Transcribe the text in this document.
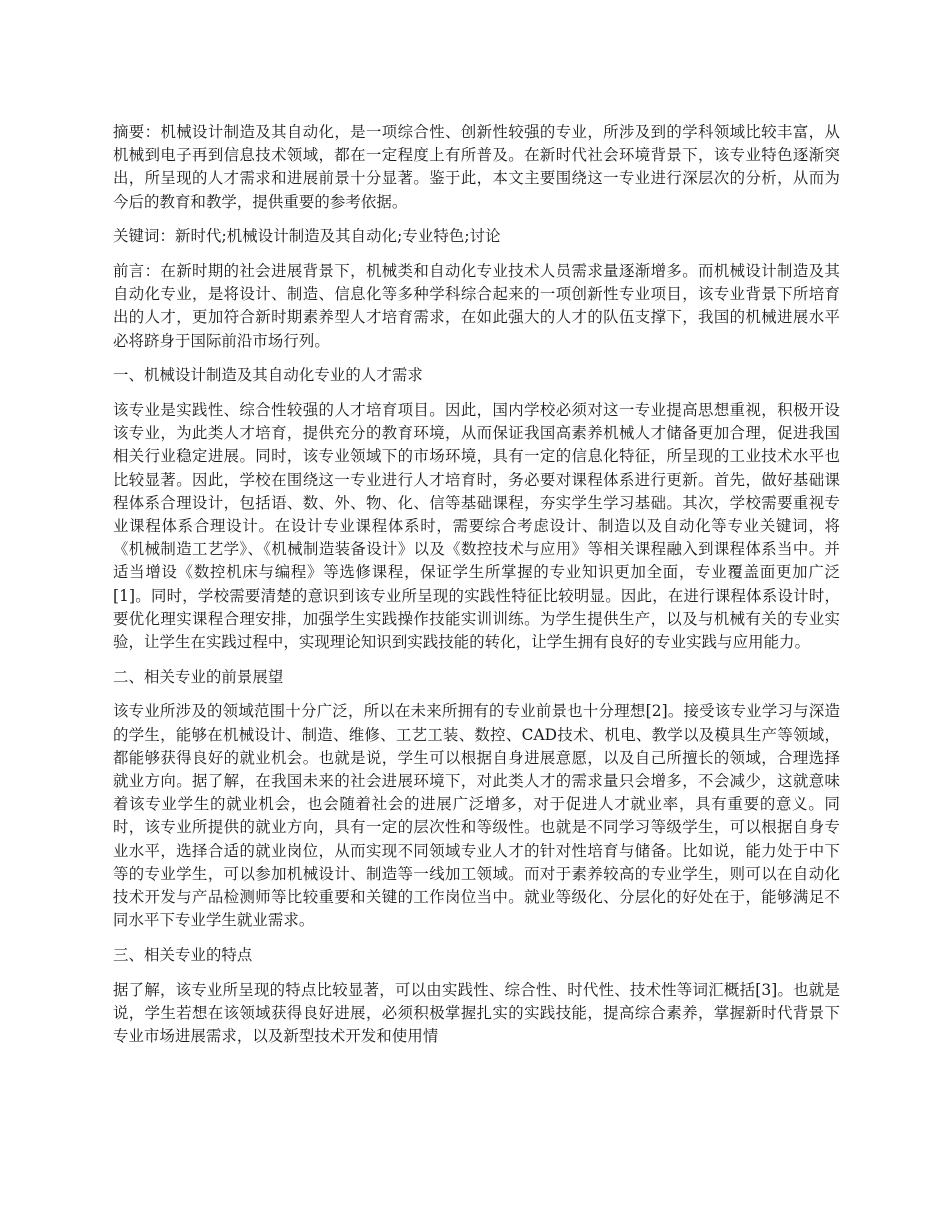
摘要：机械设计制造及其自动化，是一项综合性、创新性较强的专业，所涉及到的学科领域比较丰富，从机械到电子再到信息技术领域，都在一定程度上有所普及。在新时代社会环境背景下，该专业特色逐渐突出，所呈现的人才需求和进展前景十分显著。鉴于此，本文主要围绕这一专业进行深层次的分析，从而为今后的教育和教学，提供重要的参考依据。

关键词：新时代;机械设计制造及其自动化;专业特色;讨论

前言：在新时期的社会进展背景下，机械类和自动化专业技术人员需求量逐渐增多。而机械设计制造及其自动化专业，是将设计、制造、信息化等多种学科综合起来的一项创新性专业项目，该专业背景下所培育出的人才，更加符合新时期素养型人才培育需求，在如此强大的人才的队伍支撑下，我国的机械进展水平必将跻身于国际前沿市场行列。

一、机械设计制造及其自动化专业的人才需求

该专业是实践性、综合性较强的人才培育项目。因此，国内学校必须对这一专业提高思想重视，积极开设该专业，为此类人才培育，提供充分的教育环境，从而保证我国高素养机械人才储备更加合理，促进我国相关行业稳定进展。同时，该专业领域下的市场环境，具有一定的信息化特征，所呈现的工业技术水平也比较显著。因此，学校在围绕这一专业进行人才培育时，务必要对课程体系进行更新。首先，做好基础课程体系合理设计，包括语、数、外、物、化、信等基础课程，夯实学生学习基础。其次，学校需要重视专业课程体系合理设计。在设计专业课程体系时，需要综合考虑设计、制造以及自动化等专业关键词，将《机械制造工艺学》、《机械制造装备设计》以及《数控技术与应用》等相关课程融入到课程体系当中。并适当增设《数控机床与编程》等选修课程，保证学生所掌握的专业知识更加全面，专业覆盖面更加广泛[1]。同时，学校需要清楚的意识到该专业所呈现的实践性特征比较明显。因此，在进行课程体系设计时，要优化理实课程合理安排，加强学生实践操作技能实训训练。为学生提供生产，以及与机械有关的专业实验，让学生在实践过程中，实现理论知识到实践技能的转化，让学生拥有良好的专业实践与应用能力。

二、相关专业的前景展望

该专业所涉及的领域范围十分广泛，所以在未来所拥有的专业前景也十分理想[2]。接受该专业学习与深造的学生，能够在机械设计、制造、维修、工艺工装、数控、CAD技术、机电、教学以及模具生产等领域，都能够获得良好的就业机会。也就是说，学生可以根据自身进展意愿，以及自己所擅长的领域，合理选择就业方向。据了解，在我国未来的社会进展环境下，对此类人才的需求量只会增多，不会减少，这就意味着该专业学生的就业机会，也会随着社会的进展广泛增多，对于促进人才就业率，具有重要的意义。同时，该专业所提供的就业方向，具有一定的层次性和等级性。也就是不同学习等级学生，可以根据自身专业水平，选择合适的就业岗位，从而实现不同领域专业人才的针对性培育与储备。比如说，能力处于中下等的专业学生，可以参加机械设计、制造等一线加工领域。而对于素养较高的专业学生，则可以在自动化技术开发与产品检测师等比较重要和关键的工作岗位当中。就业等级化、分层化的好处在于，能够满足不同水平下专业学生就业需求。

三、相关专业的特点

据了解，该专业所呈现的特点比较显著，可以由实践性、综合性、时代性、技术性等词汇概括[3]。也就是说，学生若想在该领域获得良好进展，必须积极掌握扎实的实践技能，提高综合素养，掌握新时代背景下专业市场进展需求，以及新型技术开发和使用情
